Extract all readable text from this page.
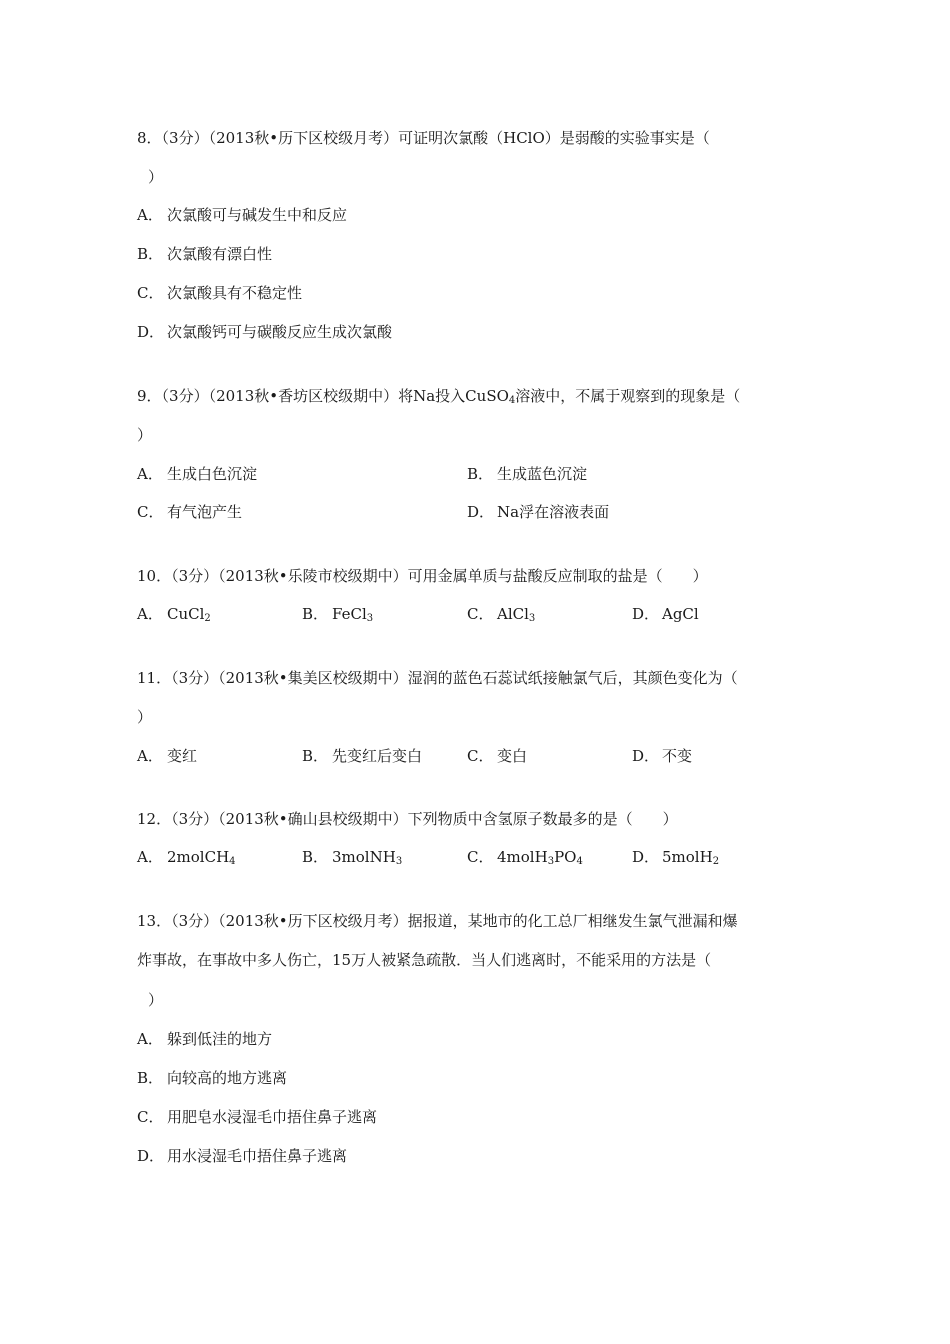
8．（3分）（2013秋•历下区校级月考）可证明次氯酸（HClO）是弱酸的实验事实是（
）
A． 次氯酸可与碱发生中和反应
B． 次氯酸有漂白性
C． 次氯酸具有不稳定性
D． 次氯酸钙可与碳酸反应生成次氯酸
9．（3分）（2013秋•香坊区校级期中）将Na投入CuSO$_4$溶液中，不属于观察到的现象是（
）
A． 生成白色沉淀	B． 生成蓝色沉淀
C． 有气泡产生	D． Na浮在溶液表面
10．（3分）（2013秋•乐陵市校级期中）可用金属单质与盐酸反应制取的盐是（　　）
A． CuCl$_2$	B． FeCl$_3$	C． AlCl$_3$	D． AgCl
11．（3分）（2013秋•集美区校级期中）湿润的蓝色石蕊试纸接触氯气后，其颜色变化为（
）
A． 变红	B． 先变红后变白	C． 变白	D． 不变
12．（3分）（2013秋•确山县校级期中）下列物质中含氢原子数最多的是（　　）
A． 2molCH$_4$	B． 3molNH$_3$	C． $4molH_3PO_4$	D． 5molH$_2$
13．（3分）（2013秋•历下区校级月考）据报道，某地市的化工总厂相继发生氯气泄漏和爆
炸事故，在事故中多人伤亡，15万人被紧急疏散．当人们逃离时，不能采用的方法是（
）
A． 躲到低洼的地方
B． 向较高的地方逃离
C． 用肥皂水浸湿毛巾捂住鼻子逃离
D． 用水浸湿毛巾捂住鼻子逃离
